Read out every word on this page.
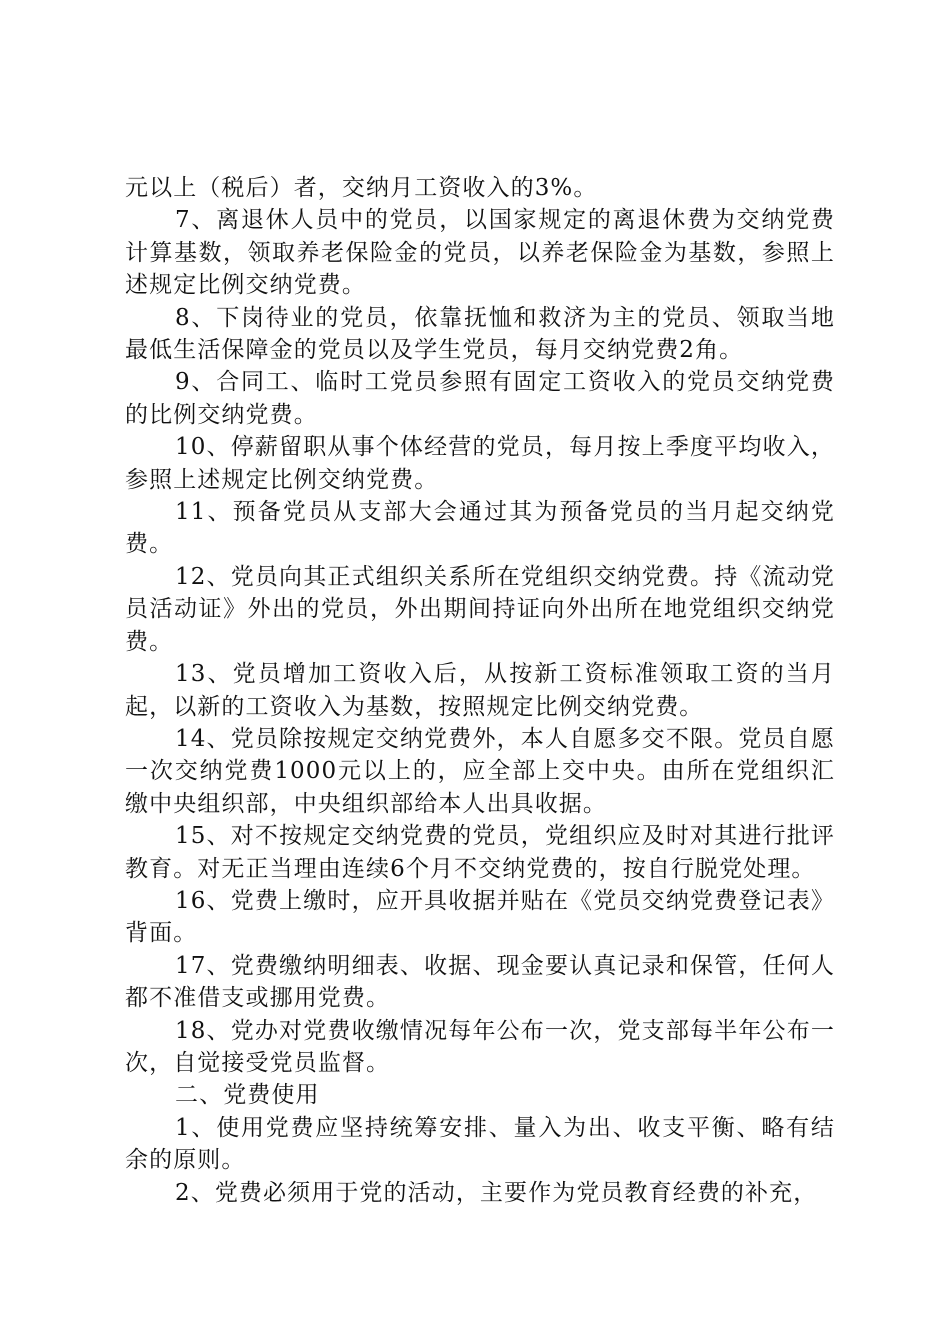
元以上（税后）者，交纳月工资收入的3%。

7、离退休人员中的党员，以国家规定的离退休费为交纳党费计算基数，领取养老保险金的党员，以养老保险金为基数，参照上述规定比例交纳党费。

8、下岗待业的党员，依靠抚恤和救济为主的党员、领取当地最低生活保障金的党员以及学生党员，每月交纳党费2角。

9、合同工、临时工党员参照有固定工资收入的党员交纳党费的比例交纳党费。

10、停薪留职从事个体经营的党员，每月按上季度平均收入，参照上述规定比例交纳党费。

11、预备党员从支部大会通过其为预备党员的当月起交纳党费。

12、党员向其正式组织关系所在党组织交纳党费。持《流动党员活动证》外出的党员，外出期间持证向外出所在地党组织交纳党费。

13、党员增加工资收入后，从按新工资标准领取工资的当月起，以新的工资收入为基数，按照规定比例交纳党费。

14、党员除按规定交纳党费外，本人自愿多交不限。党员自愿一次交纳党费1000元以上的，应全部上交中央。由所在党组织汇缴中央组织部，中央组织部给本人出具收据。

15、对不按规定交纳党费的党员，党组织应及时对其进行批评教育。对无正当理由连续6个月不交纳党费的，按自行脱党处理。

16、党费上缴时，应开具收据并贴在《党员交纳党费登记表》背面。

17、党费缴纳明细表、收据、现金要认真记录和保管，任何人都不准借支或挪用党费。

18、党办对党费收缴情况每年公布一次，党支部每半年公布一次，自觉接受党员监督。

二、党费使用

1、使用党费应坚持统筹安排、量入为出、收支平衡、略有结余的原则。

2、党费必须用于党的活动，主要作为党员教育经费的补充，
